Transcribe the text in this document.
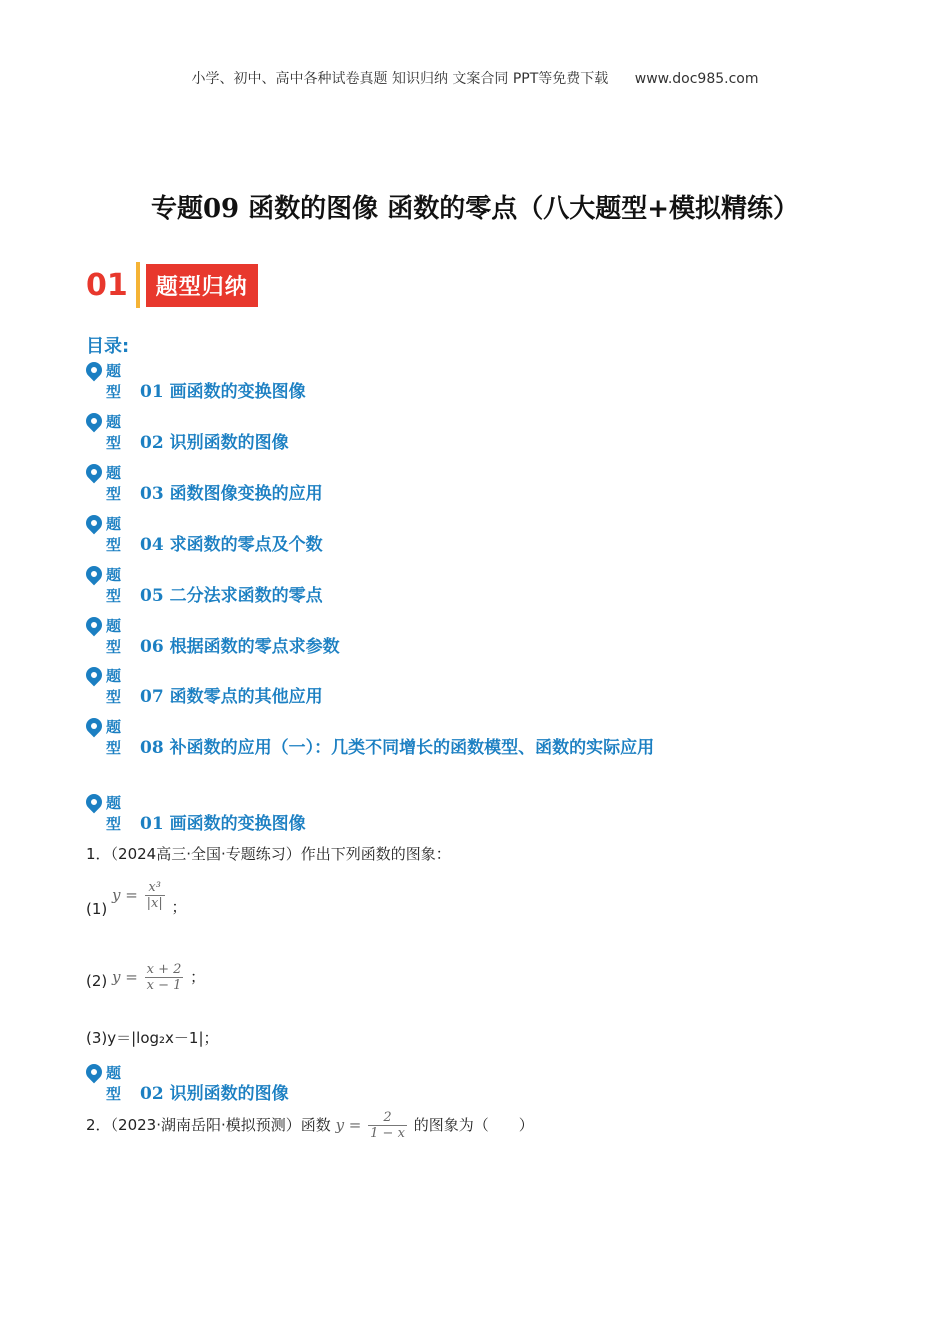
小学、初中、高中各种试卷真题 知识归纳 文案合同 PPT等免费下载 www.doc985.com
专题09 函数的图像 函数的零点（八大题型+模拟精练）
01	题型归纳
目录:
题型 01 画函数的变换图像
题型 02 识别函数的图像
题型 03 函数图像变换的应用
题型 04 求函数的零点及个数
题型 05 二分法求函数的零点
题型 06 根据函数的零点求参数
题型 07 函数零点的其他应用
题型 08 补函数的应用（一）：几类不同增长的函数模型、函数的实际应用
题型 01 画函数的变换图像
1．（2024高三·全国·专题练习）作出下列函数的图象：
(1) $y = \frac{\text{x³}}{|x|}$ ；
(2) $y = \frac{x + 2}{x - 1}$ ；
(3)y＝|log₂x－1|；
题型 02 识别函数的图像
2．（2023·湖南岳阳·模拟预测）函数 $y = \frac{2}{1 - x}$ 的图象为（　　）
